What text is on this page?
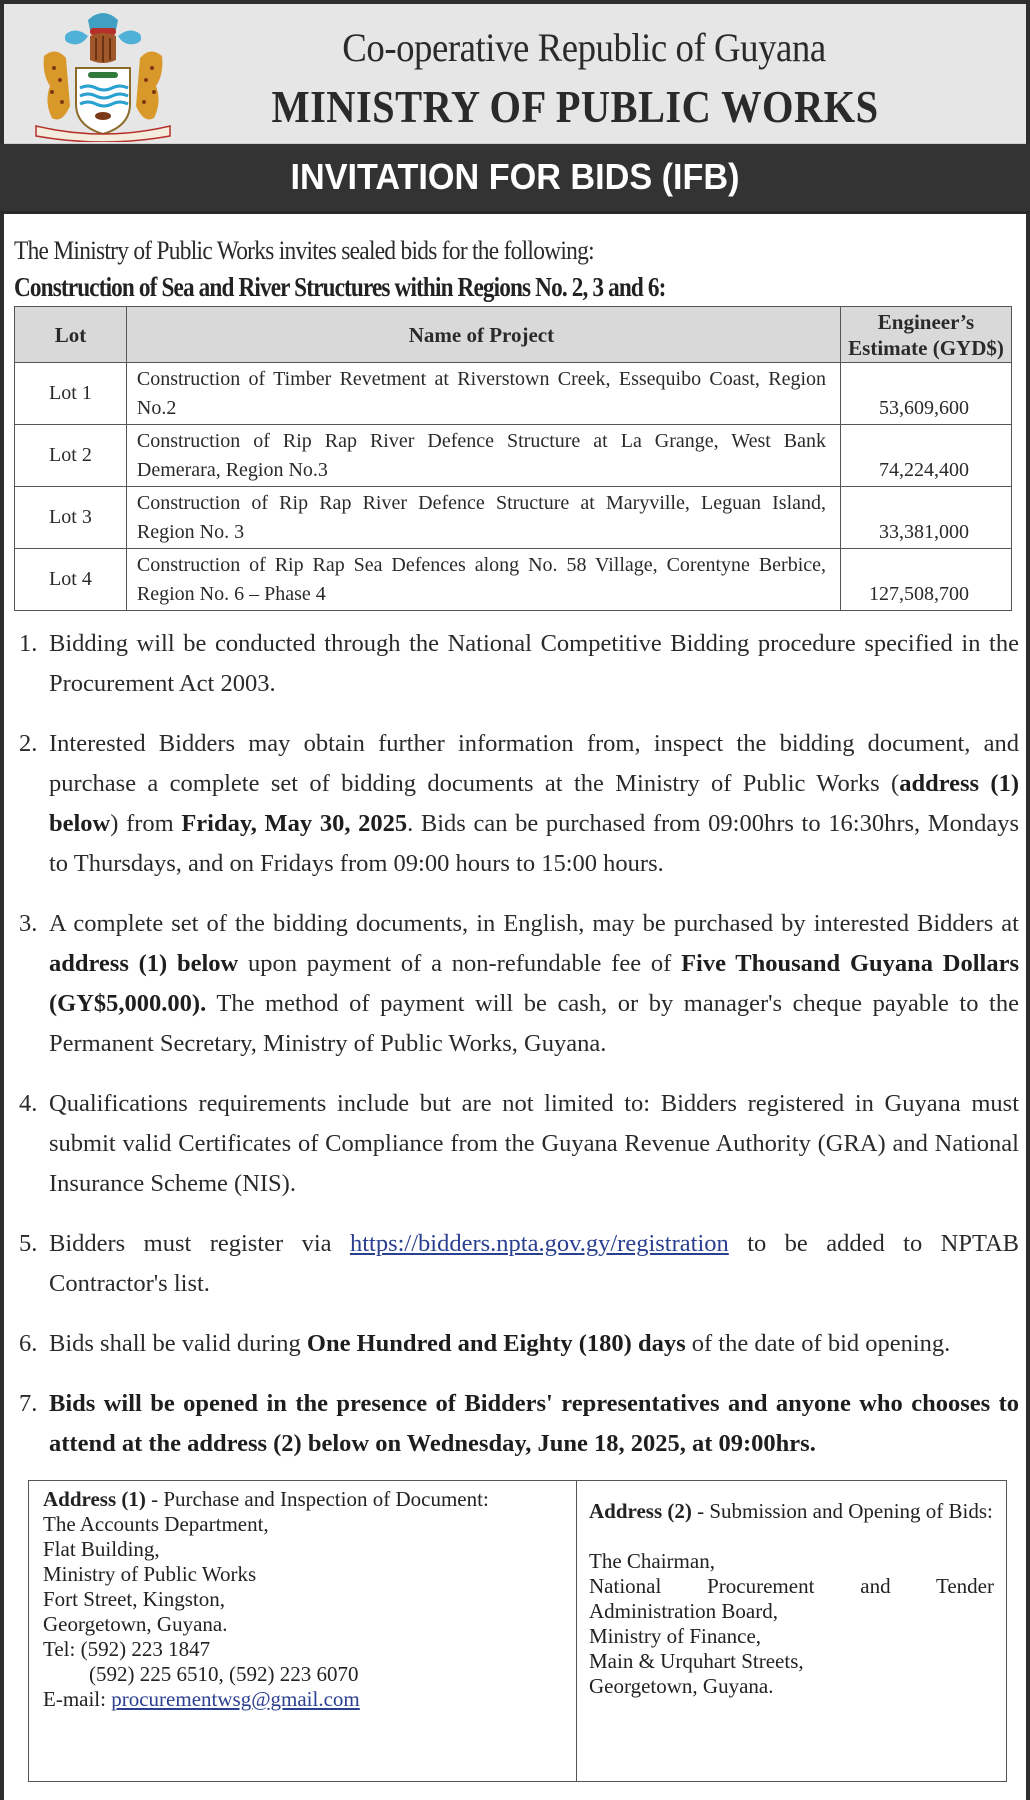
Co-operative Republic of Guyana
MINISTRY OF PUBLIC WORKS
INVITATION FOR BIDS (IFB)
The Ministry of Public Works invites sealed bids for the following:
Construction of Sea and River Structures within Regions No. 2, 3 and 6:
Lot	Name of Project	Engineer’s
Estimate (GYD$)
Lot 1	Construction of Timber Revetment at Riverstown Creek, Essequibo Coast, Region No.2	53,609,600
Lot 2	Construction of Rip Rap River Defence Structure at La Grange, West Bank Demerara, Region No.3	74,224,400
Lot 3	Construction of Rip Rap River Defence Structure at Maryville, Leguan Island, Region No. 3	33,381,000
Lot 4	Construction of Rip Rap Sea Defences along No. 58 Village, Corentyne Berbice, Region No. 6 – Phase 4	127,508,700
1. Bidding will be conducted through the National Competitive Bidding procedure specified in the Procurement Act 2003.
2. Interested Bidders may obtain further information from, inspect the bidding document, and purchase a complete set of bidding documents at the Ministry of Public Works (address (1) below) from Friday, May 30, 2025. Bids can be purchased from 09:00hrs to 16:30hrs, Mondays to Thursdays, and on Fridays from 09:00 hours to 15:00 hours.
3. A complete set of the bidding documents, in English, may be purchased by interested Bidders at address (1) below upon payment of a non-refundable fee of Five Thousand Guyana Dollars (GY$5,000.00). The method of payment will be cash, or by manager's cheque payable to the Permanent Secretary, Ministry of Public Works, Guyana.
4. Qualifications requirements include but are not limited to: Bidders registered in Guyana must submit valid Certificates of Compliance from the Guyana Revenue Authority (GRA) and National Insurance Scheme (NIS).
5. Bidders must register via https://bidders.npta.gov.gy/registration to be added to NPTAB Contractor's list.
6. Bids shall be valid during One Hundred and Eighty (180) days of the date of bid opening.
7. Bids will be opened in the presence of Bidders' representatives and anyone who chooses to attend at the address (2) below on Wednesday, June 18, 2025, at 09:00hrs.
Address (1) - Purchase and Inspection of Document:
The Accounts Department,
Flat Building,
Ministry of Public Works
Fort Street, Kingston,
Georgetown, Guyana.
Tel: (592) 223 1847
(592) 225 6510, (592) 223 6070
E-mail: procurementwsg@gmail.com
Address (2) - Submission and Opening of Bids:
The Chairman,
National Procurement and Tender
Administration Board,
Ministry of Finance,
Main & Urquhart Streets,
Georgetown, Guyana.
